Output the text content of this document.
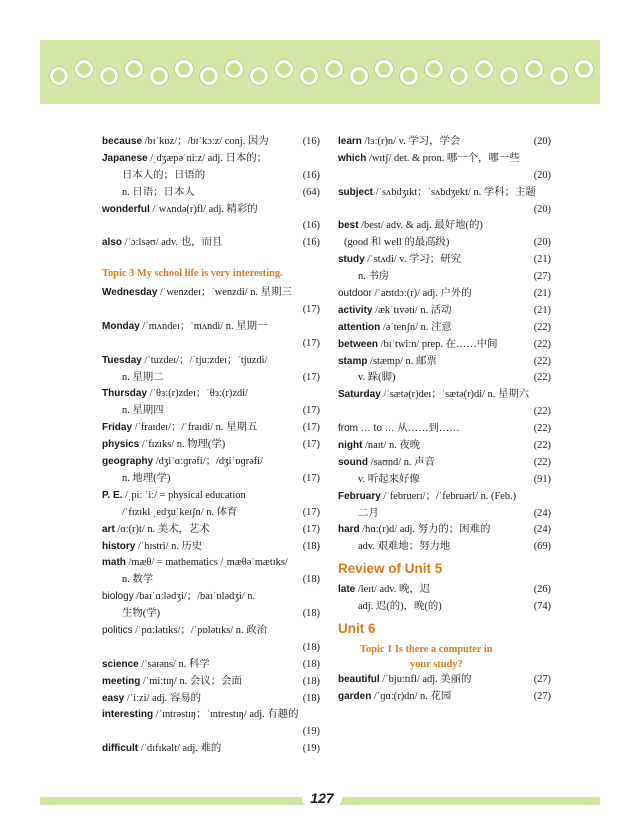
because /bɪˈkɒz/；/bɪˈkɔːz/ conj. 因为	(16)
Japanese /ˌdʒæpəˈniːz/ adj. 日本的；
日本人的；日语的	(16)
n. 日语；日本人	(64)
wonderful /ˈwʌndə(r)fl/ adj. 精彩的
(16)
also /ˈɔːlsəʊ/ adv. 也，而且	(16)
Topic 3 My school life is very interesting.
Wednesday /ˈwenzdeɪ；ˈwenzdi/ n. 星期三
(17)
Monday /ˈmʌndeɪ；ˈmʌndi/ n. 星期一
(17)
Tuesday /ˈtuzdeɪ/；/ˈtjuːzdeɪ；ˈtjuzdi/
n. 星期二	(17)
Thursday /ˈθɜː(r)zdeɪ；ˈθɜː(r)zdi/
n. 星期四	(17)
Friday /ˈfraɪdeɪ/；/ˈfraɪdi/ n. 星期五	(17)
physics /ˈfɪzɪks/ n. 物理(学)	(17)
geography /dʒiˈɑːɡrəfi/；/dʒiˈɒɡrəfi/
n. 地理(学)	(17)
P. E. /ˌpiː ˈiː/ = physical education
/ˈfɪzɪkl ˌedʒuˈkeɪʃn/ n. 体育	(17)
art /ɑː(r)t/ n. 美术，艺术	(17)
history /ˈhɪstri/ n. 历史	(18)
math /mæθ/ = mathematics /ˌmæθəˈmætɪks/
n. 数学	(18)
biology /baɪˈɑːlədʒi/；/baɪˈɒlədʒi/ n.
生物(学)	(18)
politics /ˈpɑːlətɪks/；/ˈpɒlətɪks/ n. 政治
(18)
science /ˈsaɪəns/ n. 科学	(18)
meeting /ˈmiːtɪŋ/ n. 会议；会面	(18)
easy /ˈiːzi/ adj. 容易的	(18)
interesting /ˈɪntrəstɪŋ；ˈɪntrestɪŋ/ adj. 有趣的
(19)
difficult /ˈdɪfɪkəlt/ adj. 难的	(19)
learn /lɜː(r)n/ v. 学习，学会	(20)
which /wɪtʃ/ det. & pron. 哪一个，哪一些
(20)
subject /ˈsʌbdʒɪkt；ˈsʌbdʒekt/ n. 学科；主题
(20)
best /best/ adv. & adj. 最好地(的)
(good 和 well 的最高级)	(20)
study /ˈstʌdi/ v. 学习；研究	(21)
n. 书房	(27)
outdoor /ˈaʊtdɔː(r)/ adj. 户外的	(21)
activity /ækˈtɪvəti/ n. 活动	(21)
attention /əˈtenʃn/ n. 注意	(22)
between /bɪˈtwiːn/ prep. 在……中间	(22)
stamp /stæmp/ n. 邮票	(22)
v. 跺(脚)	(22)
Saturday /ˈsætə(r)deɪ；ˈsætə(r)di/ n. 星期六
(22)
from … to … 从……到……	(22)
night /naɪt/ n. 夜晚	(22)
sound /saʊnd/ n. 声音	(22)
v. 听起来好像	(91)
February /ˈfebruerɪ/；/ˈfebruəri/ n. (Feb.)
二月	(24)
hard /hɑː(r)d/ adj. 努力的；困难的	(24)
adv. 艰难地；努力地	(69)
Review of Unit 5
late /leɪt/ adv. 晚，迟	(26)
adj. 迟(的)，晚(的)	(74)
Unit 6
Topic 1 Is there a computer in
your study?
beautiful /ˈbjuːtɪfl/ adj. 美丽的	(27)
garden /ˈɡɑː(r)dn/ n. 花园	(27)
127
